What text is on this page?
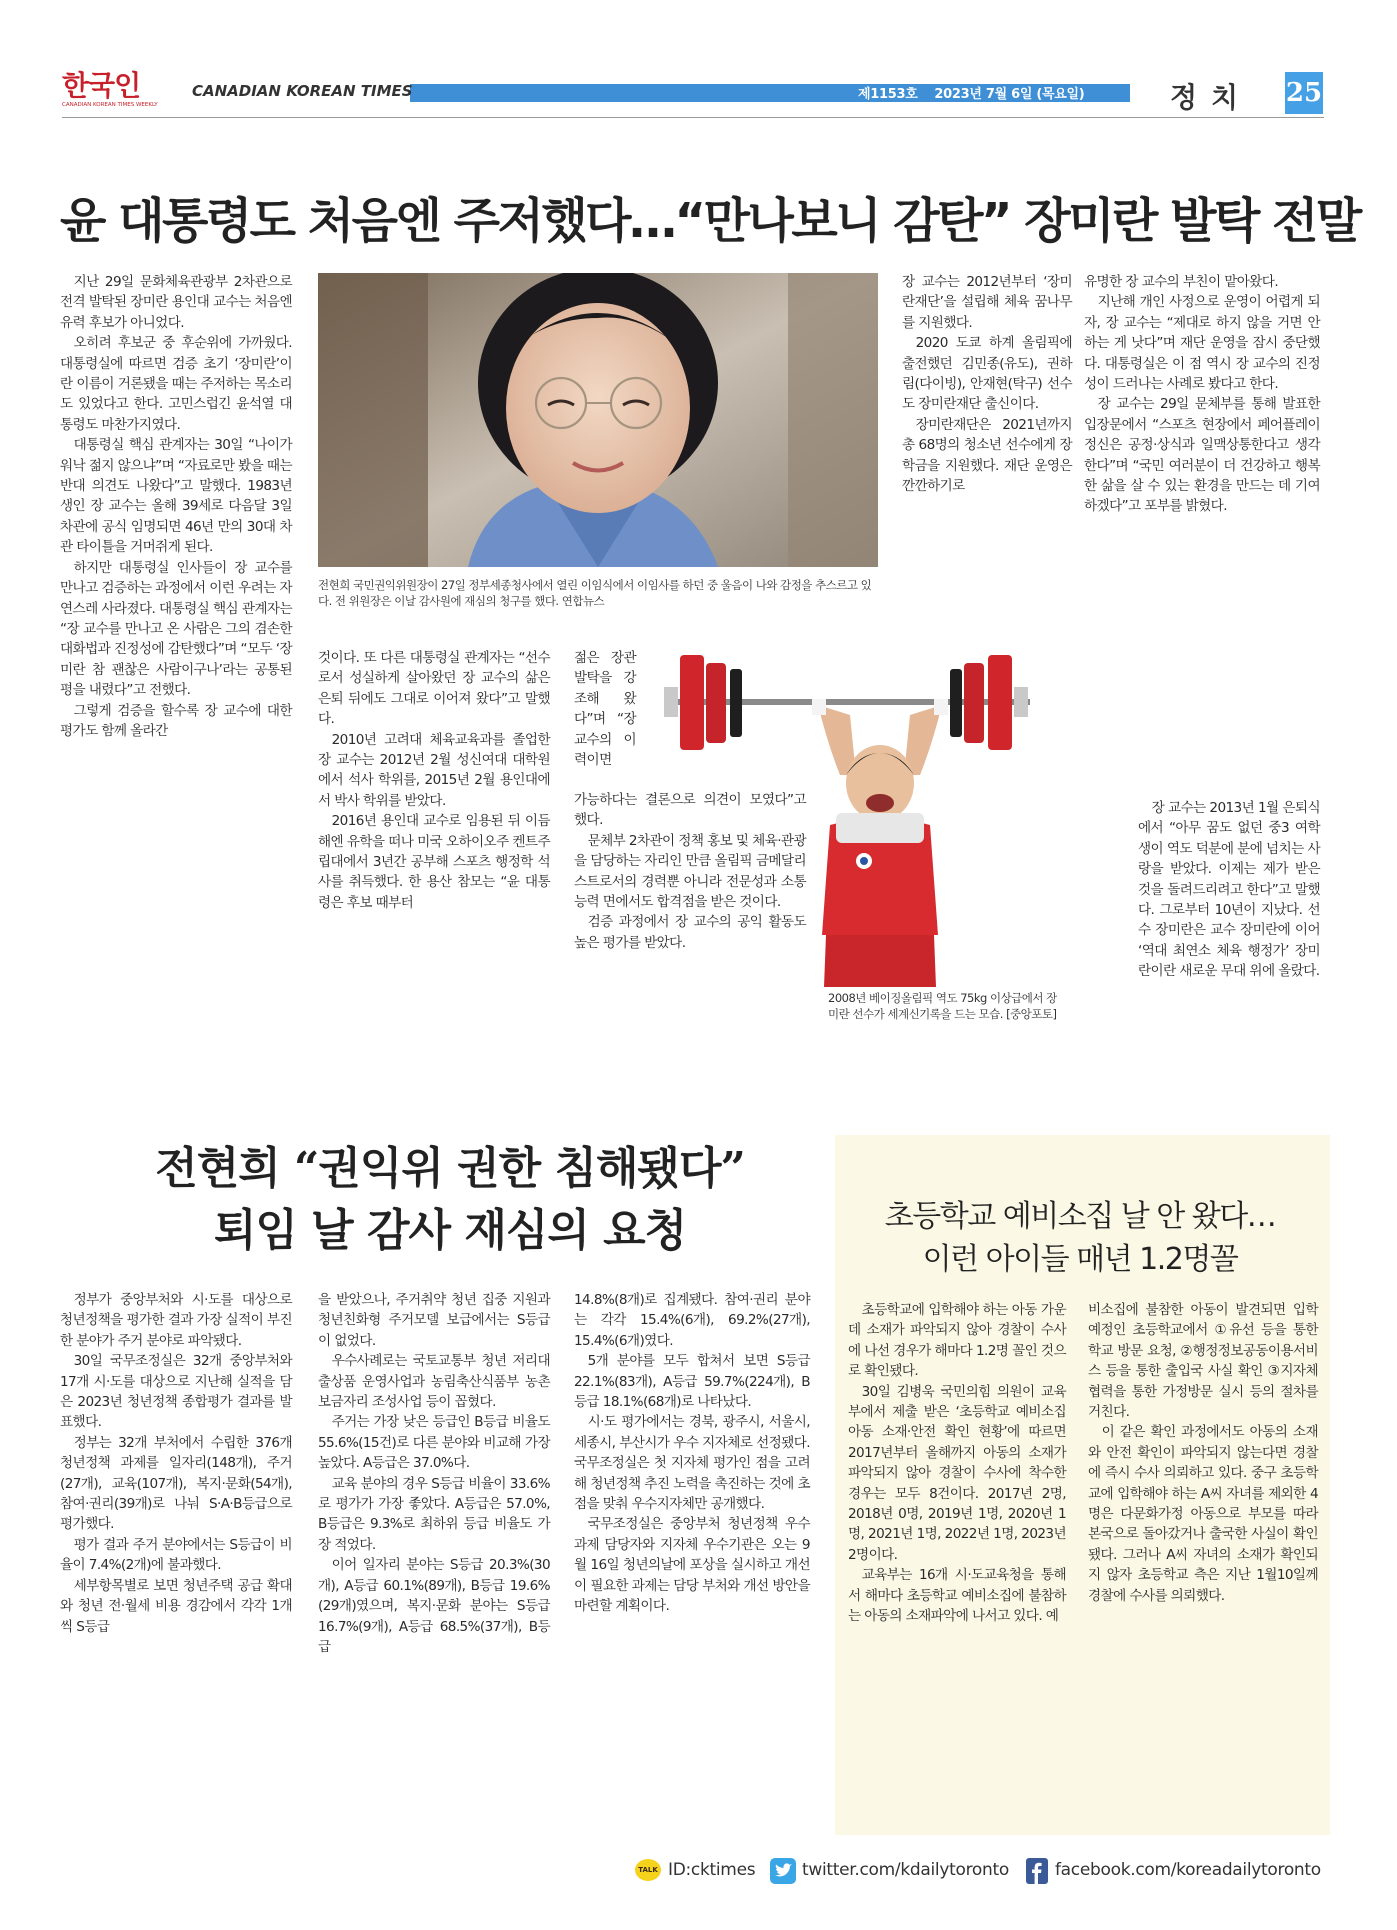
한국인
CANADIAN KOREAN TIMES WEEKLY
CANADIAN KOREAN TIMES	제1153호    2023년 7월 6일 (목요일)	정치 25
윤 대통령도 처음엔 주저했다…“만나보니 감탄” 장미란 발탁 전말

지난 29일 문화체육관광부 2차관으로 전격 발탁된 장미란 용인대 교수는 처음엔 유력 후보가 아니었다.

오히려 후보군 중 후순위에 가까웠다. 대통령실에 따르면 검증 초기 ‘장미란’이란 이름이 거론됐을 때는 주저하는 목소리도 있었다고 한다. 고민스럽긴 윤석열 대통령도 마찬가지였다.

대통령실 핵심 관계자는 30일 “나이가 워낙 젊지 않으냐”며 “자료로만 봤을 때는 반대 의견도 나왔다”고 말했다. 1983년생인 장 교수는 올해 39세로 다음달 3일 차관에 공식 임명되면 46년 만의 30대 차관 타이틀을 거머쥐게 된다.

하지만 대통령실 인사들이 장 교수를 만나고 검증하는 과정에서 이런 우려는 자연스레 사라졌다. 대통령실 핵심 관계자는 “장 교수를 만나고 온 사람은 그의 겸손한 대화법과 진정성에 감탄했다”며 “모두 ‘장미란 참 괜찮은 사람이구나’라는 공통된 평을 내렸다”고 전했다.

그렇게 검증을 할수록 장 교수에 대한 평가도 함께 올라간

전현희 국민권익위원장이 27일 정부세종청사에서 열린 이임식에서 이임사를 하던 중 울음이 나와 감정을 추스르고 있다. 전 위원장은 이날 감사원에 재심의 청구를 했다. 연합뉴스

것이다. 또 다른 대통령실 관계자는 “선수로서 성실하게 살아왔던 장 교수의 삶은 은퇴 뒤에도 그대로 이어져 왔다”고 말했다.

2010년 고려대 체육교육과를 졸업한 장 교수는 2012년 2월 성신여대 대학원에서 석사 학위를, 2015년 2월 용인대에서 박사 학위를 받았다.

2016년 용인대 교수로 임용된 뒤 이듬해엔 유학을 떠나 미국 오하이오주 켄트주립대에서 3년간 공부해 스포츠 행정학 석사를 취득했다. 한 용산 참모는 “윤 대통령은 후보 때부터

젊은 장관 발탁을 강조해 왔다”며 “장 교수의 이력이면

가능하다는 결론으로 의견이 모였다”고 했다.

문체부 2차관이 정책 홍보 및 체육·관광을 담당하는 자리인 만큼 올림픽 금메달리스트로서의 경력뿐 아니라 전문성과 소통 능력 면에서도 합격점을 받은 것이다.

검증 과정에서 장 교수의 공익 활동도 높은 평가를 받았다.

2008년 베이징올림픽 역도 75kg 이상급에서 장미란 선수가 세계신기록을 드는 모습. [중앙포토]

장 교수는 2012년부터 ‘장미란재단’을 설립해 체육 꿈나무를 지원했다.

2020 도쿄 하계 올림픽에 출전했던 김민종(유도), 권하림(다이빙), 안재현(탁구) 선수도 장미란재단 출신이다.

장미란재단은 2021년까지 총 68명의 청소년 선수에게 장학금을 지원했다. 재단 운영은 깐깐하기로

유명한 장 교수의 부친이 맡아왔다.

지난해 개인 사정으로 운영이 어렵게 되자, 장 교수는 “제대로 하지 않을 거면 안 하는 게 낫다”며 재단 운영을 잠시 중단했다. 대통령실은 이 점 역시 장 교수의 진정성이 드러나는 사례로 봤다고 한다.

장 교수는 29일 문체부를 통해 발표한 입장문에서 “스포츠 현장에서 페어플레이 정신은 공정·상식과 일맥상통한다고 생각한다”며 “국민 여러분이 더 건강하고 행복한 삶을 살 수 있는 환경을 만드는 데 기여하겠다”고 포부를 밝혔다.

장 교수는 2013년 1월 은퇴식에서 “아무 꿈도 없던 중3 여학생이 역도 덕분에 분에 넘치는 사랑을 받았다. 이제는 제가 받은 것을 돌려드리려고 한다”고 말했다. 그로부터 10년이 지났다. 선수 장미란은 교수 장미란에 이어 ‘역대 최연소 체육 행정가’ 장미란이란 새로운 무대 위에 올랐다.

전현희 “권익위 권한 침해됐다”
퇴임 날 감사 재심의 요청

정부가 중앙부처와 시·도를 대상으로 청년정책을 평가한 결과 가장 실적이 부진한 분야가 주거 분야로 파악됐다.

30일 국무조정실은 32개 중앙부처와 17개 시·도를 대상으로 지난해 실적을 담은 2023년 청년정책 종합평가 결과를 발표했다.

정부는 32개 부처에서 수립한 376개 청년정책 과제를 일자리(148개), 주거(27개), 교육(107개), 복지·문화(54개), 참여·권리(39개)로 나눠 S·A·B등급으로 평가했다.

평가 결과 주거 분야에서는 S등급이 비율이 7.4%(2개)에 불과했다.

세부항목별로 보면 청년주택 공급 확대와 청년 전·월세 비용 경감에서 각각 1개씩 S등급

을 받았으나, 주거취약 청년 집중 지원과 청년친화형 주거모델 보급에서는 S등급이 없었다.

우수사례로는 국토교통부 청년 저리대출상품 운영사업과 농림축산식품부 농촌보금자리 조성사업 등이 꼽혔다.

주거는 가장 낮은 등급인 B등급 비율도 55.6%(15건)로 다른 분야와 비교해 가장 높았다. A등급은 37.0%다.

교육 분야의 경우 S등급 비율이 33.6%로 평가가 가장 좋았다. A등급은 57.0%, B등급은 9.3%로 최하위 등급 비율도 가장 적었다.

이어 일자리 분야는 S등급 20.3%(30개), A등급 60.1%(89개), B등급 19.6%(29개)였으며, 복지·문화 분야는 S등급 16.7%(9개), A등급 68.5%(37개), B등급

14.8%(8개)로 집계됐다. 참여·권리 분야는 각각 15.4%(6개), 69.2%(27개), 15.4%(6개)였다.

5개 분야를 모두 합쳐서 보면 S등급 22.1%(83개), A등급 59.7%(224개), B등급 18.1%(68개)로 나타났다.

시·도 평가에서는 경북, 광주시, 서울시, 세종시, 부산시가 우수 지자체로 선정됐다. 국무조정실은 첫 지자체 평가인 점을 고려해 청년정책 추진 노력을 촉진하는 것에 초점을 맞춰 우수지자체만 공개했다.

국무조정실은 중앙부처 청년정책 우수과제 담당자와 지자체 우수기관은 오는 9월 16일 청년의날에 포상을 실시하고 개선이 필요한 과제는 담당 부처와 개선 방안을 마련할 계획이다.

초등학교 예비소집 날 안 왔다…
이런 아이들 매년 1.2명꼴

초등학교에 입학해야 하는 아동 가운데 소재가 파악되지 않아 경찰이 수사에 나선 경우가 해마다 1.2명 꼴인 것으로 확인됐다.

30일 김병욱 국민의힘 의원이 교육부에서 제출 받은 ‘초등학교 예비소집 아동 소재·안전 확인 현황’에 따르면 2017년부터 올해까지 아동의 소재가 파악되지 않아 경찰이 수사에 착수한 경우는 모두 8건이다. 2017년 2명, 2018년 0명, 2019년 1명, 2020년 1명, 2021년 1명, 2022년 1명, 2023년 2명이다.

교육부는 16개 시·도교육청을 통해서 해마다 초등학교 예비소집에 불참하는 아동의 소재파악에 나서고 있다. 예

비소집에 불참한 아동이 발견되면 입학 예정인 초등학교에서 ①유선 등을 통한 학교 방문 요청, ②행정정보공동이용서비스 등을 통한 출입국 사실 확인 ③지자체 협력을 통한 가정방문 실시 등의 절차를 거친다.

이 같은 확인 과정에서도 아동의 소재와 안전 확인이 파악되지 않는다면 경찰에 즉시 수사 의뢰하고 있다. 중구 초등학교에 입학해야 하는 A씨 자녀를 제외한 4명은 다문화가정 아동으로 부모를 따라 본국으로 돌아갔거나 출국한 사실이 확인됐다. 그러나 A씨 자녀의 소재가 확인되지 않자 초등학교 측은 지난 1월10일께 경찰에 수사를 의뢰했다.

TALK ID:cktimes	twitter.com/kdailytoronto	facebook.com/koreadailytoronto
